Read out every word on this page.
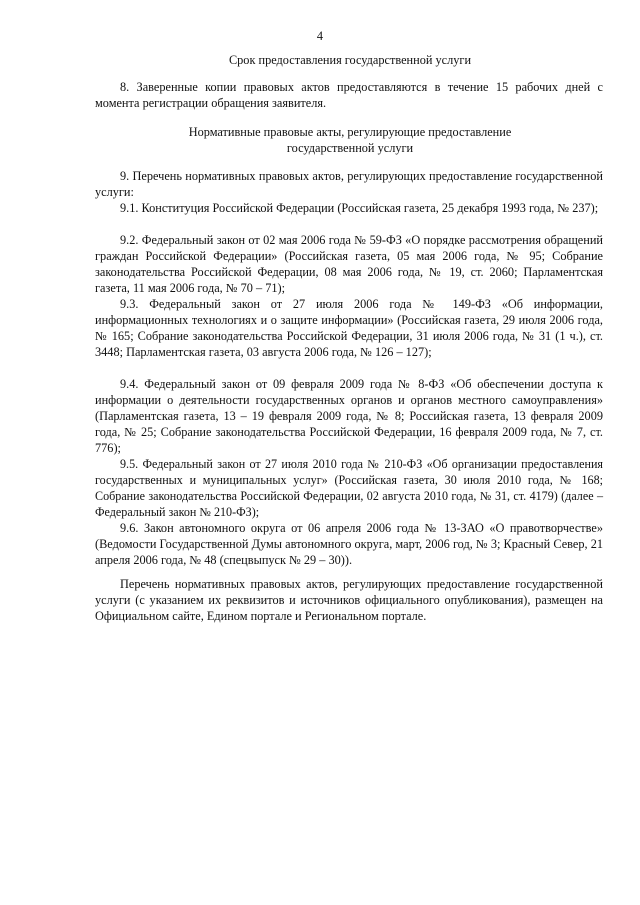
4
Срок предоставления государственной услуги
8. Заверенные копии правовых актов предоставляются в течение 15 рабочих дней с момента регистрации обращения заявителя.
Нормативные правовые акты, регулирующие предоставление
государственной услуги
9. Перечень нормативных правовых актов, регулирующих предоставление государственной услуги:
9.1. Конституция Российской Федерации (Российская газета, 25 декабря 1993 года, № 237);
9.2. Федеральный закон от 02 мая 2006 года № 59-ФЗ «О порядке рассмотрения обращений граждан Российской Федерации» (Российская газета, 05 мая 2006 года, № 95; Собрание законодательства Российской Федерации, 08 мая 2006 года, № 19, ст. 2060; Парламентская газета, 11 мая 2006 года, № 70 – 71);
9.3. Федеральный закон от 27 июля 2006 года № 149-ФЗ «Об информации, информационных технологиях и о защите информации» (Российская газета, 29 июля 2006 года, № 165; Собрание законодательства Российской Федерации, 31 июля 2006 года, № 31 (1 ч.), ст. 3448; Парламентская газета, 03 августа 2006 года, № 126 – 127);
9.4. Федеральный закон от 09 февраля 2009 года № 8-ФЗ «Об обеспечении доступа к информации о деятельности государственных органов и органов местного самоуправления» (Парламентская газета, 13 – 19 февраля 2009 года, № 8; Российская газета, 13 февраля 2009 года, № 25; Собрание законодательства Российской Федерации, 16 февраля 2009 года, № 7, ст. 776);
9.5. Федеральный закон от 27 июля 2010 года № 210-ФЗ «Об организации предоставления государственных и муниципальных услуг» (Российская газета, 30 июля 2010 года, № 168; Собрание законодательства Российской Федерации, 02 августа 2010 года, № 31, ст. 4179) (далее – Федеральный закон № 210-ФЗ);
9.6. Закон автономного округа от 06 апреля 2006 года № 13-ЗАО «О правотворчестве» (Ведомости Государственной Думы автономного округа, март, 2006 год, № 3; Красный Север, 21 апреля 2006 года, № 48 (спецвыпуск № 29 – 30)).
Перечень нормативных правовых актов, регулирующих предоставление государственной услуги (с указанием их реквизитов и источников официального опубликования), размещен на Официальном сайте, Едином портале и Региональном портале.
